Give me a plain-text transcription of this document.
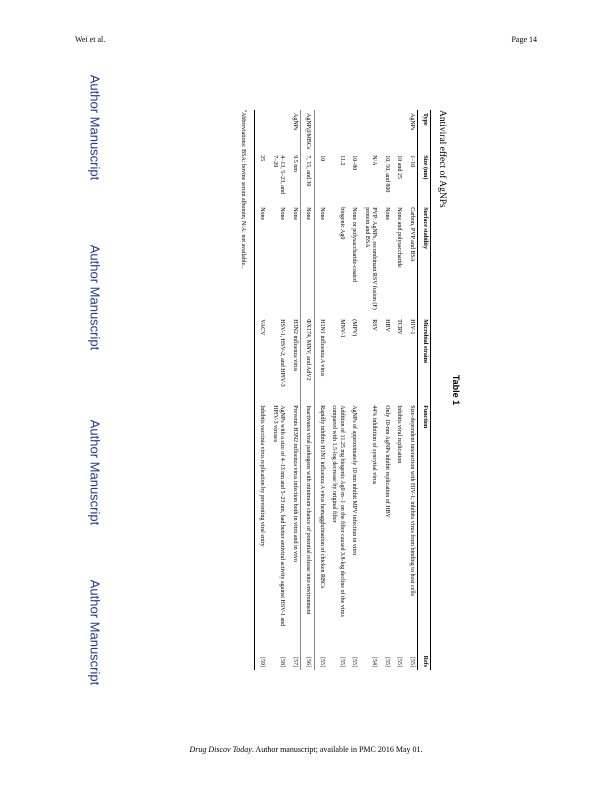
Wei et al.	Page 14
Author Manuscript
Author Manuscript
Author Manuscript
Author Manuscript
Table 1
Antiviral effect of AgNPs
Type	Size (nm)	Surface stability	Microbial strains	Function	Refs
AgNPs	1–10	Carbon, PVP and BSA	HIV-1	Size-dependent interaction with HIV-1; inhibits virus from binding to host cells	[55]
	10 and 25	None and polysaccharide	TCRV	Inhibits viral replication	[55]
	10, 50, and 800	None	HBV	Only 10-nm AgNPs inhibit replication of HBV	[55]
	N/A	PVP: AgNPs, recombinant RSV fusion (F) protein and BSA	RSV	44% inhibition of syncytial virus	[54]
	10–80	None or polysaccharide-coated	(MPV)	AgNPs of approximately 10 nm inhibit MPV infection in vitro	[55]
	11.2	biogenic Ag0	MNV-1	Addition of 11.25 mg biogenic Ag0 m−1 on the filter caused 3.8-log decline of the virus compared with 1.5-log decrease by original filter	[55]
	10	None	H1N1 influenza A virus	Rapidly inhibits H1N1 influenza A virus hemagglutination of chicken RBCs	[55]
AgNP@MBCs	7, 15, and 30	None	ΦX174, MNV, and AdV2	Inactivates viral pathogens with minimum chance of potential release into environment	[56]
AgNPs	9.5 nm	None	H3N2 influenza virus	Prevents H3N2 influenza virus infection both in vitro and in vivo	[57]
	4–13, 5–23, and 7–20	None	HSV-1, HSV-2, and HPIV-3	AgNPs with a size of 4–13 nm and 5–23 nm, had better antiviral activity against HSV-1 and HPIV-3 viruses	[58]
	25	None	VACV	Inhibits vaccinia virus replication by preventing viral entry	[59]
$^a$Abbreviations: BSA: bovine serum albumin; N/A: not available..
Drug Discov Today. Author manuscript; available in PMC 2016 May 01.
